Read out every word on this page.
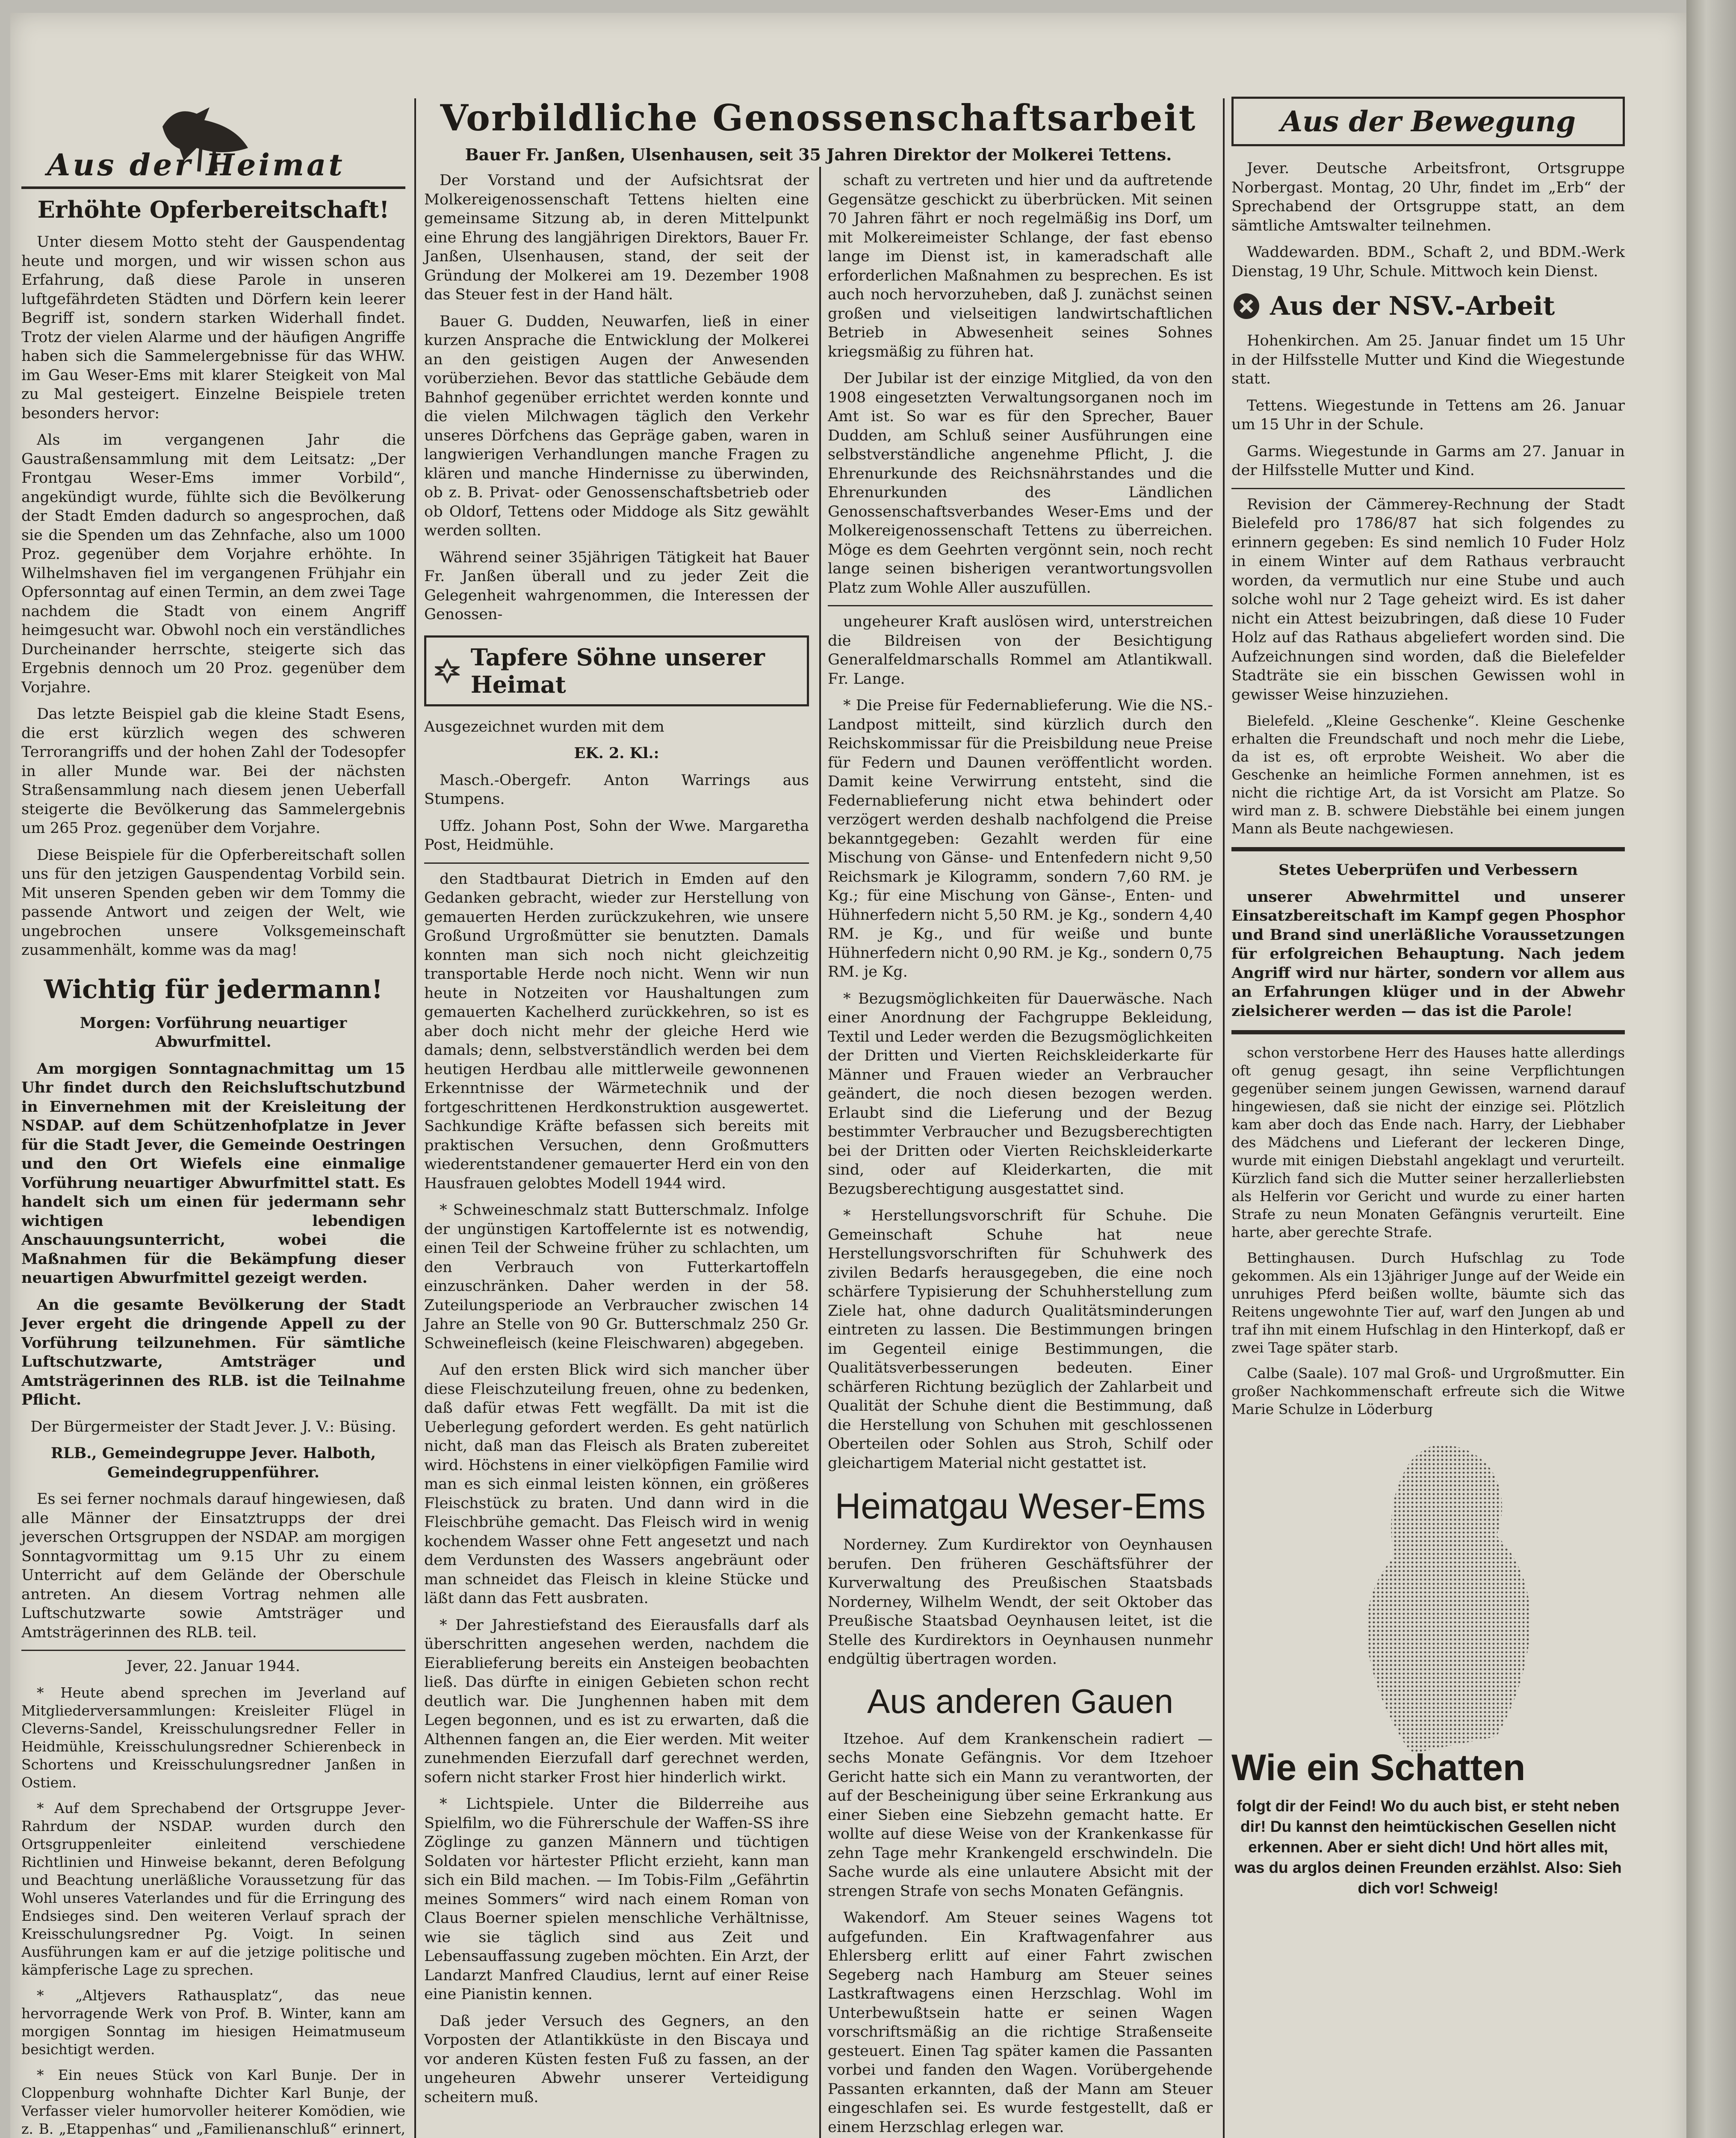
Aus der Heimat
Erhöhte Opferbereitschaft!

Unter diesem Motto steht der Gauspendentag heute und morgen, und wir wissen schon aus Erfahrung, daß diese Parole in unseren luftgefährdeten Städten und Dörfern kein leerer Begriff ist, sondern starken Widerhall findet. Trotz der vielen Alarme und der häufigen Angriffe haben sich die Sammelergebnisse für das WHW. im Gau Weser-Ems mit klarer Steigkeit von Mal zu Mal gesteigert. Einzelne Beispiele treten besonders hervor:

Als im vergangenen Jahr die Gaustraßensammlung mit dem Leitsatz: „Der Frontgau Weser-Ems immer Vorbild“, angekündigt wurde, fühlte sich die Bevölkerung der Stadt Emden dadurch so angesprochen, daß sie die Spenden um das Zehnfache, also um 1000 Proz. gegenüber dem Vorjahre erhöhte. In Wilhelmshaven fiel im vergangenen Frühjahr ein Opfersonntag auf einen Termin, an dem zwei Tage nachdem die Stadt von einem Angriff heimgesucht war. Obwohl noch ein verständliches Durcheinander herrschte, steigerte sich das Ergebnis dennoch um 20 Proz. gegenüber dem Vorjahre.

Das letzte Beispiel gab die kleine Stadt Esens, die erst kürzlich wegen des schweren Terrorangriffs und der hohen Zahl der Todesopfer in aller Munde war. Bei der nächsten Straßensammlung nach diesem jenen Ueberfall steigerte die Bevölkerung das Sammelergebnis um 265 Proz. gegenüber dem Vorjahre.

Diese Beispiele für die Opferbereitschaft sollen uns für den jetzigen Gauspendentag Vorbild sein. Mit unseren Spenden geben wir dem Tommy die passende Antwort und zeigen der Welt, wie ungebrochen unsere Volksgemeinschaft zusammenhält, komme was da mag!

Wichtig für jedermann!

Morgen: Vorführung neuartiger Abwurfmittel.

Am morgigen Sonntagnachmittag um 15 Uhr findet durch den Reichsluftschutzbund in Einvernehmen mit der Kreisleitung der NSDAP. auf dem Schützenhofplatze in Jever für die Stadt Jever, die Gemeinde Oestringen und den Ort Wiefels eine einmalige Vorführung neuartiger Abwurfmittel statt. Es handelt sich um einen für jedermann sehr wichtigen lebendigen Anschauungsunterricht, wobei die Maßnahmen für die Bekämpfung dieser neuartigen Abwurfmittel gezeigt werden.

An die gesamte Bevölkerung der Stadt Jever ergeht die dringende Appell zu der Vorführung teilzunehmen. Für sämtliche Luftschutzwarte, Amtsträger und Amtsträgerinnen des RLB. ist die Teilnahme Pflicht.

Der Bürgermeister der Stadt Jever. J. V.: Büsing.

RLB., Gemeindegruppe Jever. Halboth, Gemeindegruppenführer.

Es sei ferner nochmals darauf hingewiesen, daß alle Männer der Einsatztrupps der drei jeverschen Ortsgruppen der NSDAP. am morgigen Sonntagvormittag um 9.15 Uhr zu einem Unterricht auf dem Gelände der Oberschule antreten. An diesem Vortrag nehmen alle Luftschutzwarte sowie Amtsträger und Amtsträgerinnen des RLB. teil.

Jever, 22. Januar 1944.

* Heute abend sprechen im Jeverland auf Mitgliederversammlungen: Kreisleiter Flügel in Cleverns-Sandel, Kreisschulungsredner Feller in Heidmühle, Kreisschulungsredner Schierenbeck in Schortens und Kreisschulungsredner Janßen in Ostiem.

* Auf dem Sprechabend der Ortsgruppe Jever-Rahrdum der NSDAP. wurden durch den Ortsgruppenleiter einleitend verschiedene Richtlinien und Hinweise bekannt, deren Befolgung und Beachtung unerläßliche Voraussetzung für das Wohl unseres Vaterlandes und für die Erringung des Endsieges sind. Den weiteren Verlauf sprach der Kreisschulungsredner Pg. Voigt. In seinen Ausführungen kam er auf die jetzige politische und kämpferische Lage zu sprechen.

* „Altjevers Rathausplatz“, das neue hervorragende Werk von Prof. B. Winter, kann am morgigen Sonntag im hiesigen Heimatmuseum besichtigt werden.

* Ein neues Stück von Karl Bunje. Der in Cloppenburg wohnhafte Dichter Karl Bunje, der Verfasser vieler humorvoller heiterer Komödien, wie z. B. „Etappenhas“ und „Familienanschluß“ erinnert,

Vorbildliche Genossenschaftsarbeit
Bauer Fr. Janßen, Ulsenhausen, seit 35 Jahren Direktor der Molkerei Tettens.

Der Vorstand und der Aufsichtsrat der Molkereigenossenschaft Tettens hielten eine gemeinsame Sitzung ab, in deren Mittelpunkt eine Ehrung des langjährigen Direktors, Bauer Fr. Janßen, Ulsenhausen, stand, der seit der Gründung der Molkerei am 19. Dezember 1908 das Steuer fest in der Hand hält.

Bauer G. Dudden, Neuwarfen, ließ in einer kurzen Ansprache die Entwicklung der Molkerei an den geistigen Augen der Anwesenden vorüberziehen. Bevor das stattliche Gebäude dem Bahnhof gegenüber errichtet werden konnte und die vielen Milchwagen täglich den Verkehr unseres Dörfchens das Gepräge gaben, waren in langwierigen Verhandlungen manche Fragen zu klären und manche Hindernisse zu überwinden, ob z. B. Privat- oder Genossenschaftsbetrieb oder ob Oldorf, Tettens oder Middoge als Sitz gewählt werden sollten.

Während seiner 35jährigen Tätigkeit hat Bauer Fr. Janßen überall und zu jeder Zeit die Gelegenheit wahrgenommen, die Interessen der Genossen-

Tapfere Söhne unserer Heimat

Ausgezeichnet wurden mit dem

EK. 2. Kl.:

Masch.-Obergefr. Anton Warrings aus Stumpens.

Uffz. Johann Post, Sohn der Wwe. Margaretha Post, Heidmühle.

den Stadtbaurat Dietrich in Emden auf den Gedanken gebracht, wieder zur Herstellung von gemauerten Herden zurückzukehren, wie unsere Großund Urgroßmütter sie benutzten. Damals konnten man sich noch nicht gleichzeitig transportable Herde noch nicht. Wenn wir nun heute in Notzeiten vor Haushaltungen zum gemauerten Kachelherd zurückkehren, so ist es aber doch nicht mehr der gleiche Herd wie damals; denn, selbstverständlich werden bei dem heutigen Herdbau alle mittlerweile gewonnenen Erkenntnisse der Wärmetechnik und der fortgeschrittenen Herdkonstruktion ausgewertet. Sachkundige Kräfte befassen sich bereits mit praktischen Versuchen, denn Großmutters wiederentstandener gemauerter Herd ein von den Hausfrauen gelobtes Modell 1944 wird.

* Schweineschmalz statt Butterschmalz. Infolge der ungünstigen Kartoffelernte ist es notwendig, einen Teil der Schweine früher zu schlachten, um den Verbrauch von Futterkartoffeln einzuschränken. Daher werden in der 58. Zuteilungsperiode an Verbraucher zwischen 14 Jahre an Stelle von 90 Gr. Butterschmalz 250 Gr. Schweinefleisch (keine Fleischwaren) abgegeben.

Auf den ersten Blick wird sich mancher über diese Fleischzuteilung freuen, ohne zu bedenken, daß dafür etwas Fett wegfällt. Da mit ist die Ueberlegung gefordert werden. Es geht natürlich nicht, daß man das Fleisch als Braten zubereitet wird. Höchstens in einer vielköpfigen Familie wird man es sich einmal leisten können, ein größeres Fleischstück zu braten. Und dann wird in die Fleischbrühe gemacht. Das Fleisch wird in wenig kochendem Wasser ohne Fett angesetzt und nach dem Verdunsten des Wassers angebräunt oder man schneidet das Fleisch in kleine Stücke und läßt dann das Fett ausbraten.

* Der Jahrestiefstand des Eierausfalls darf als überschritten angesehen werden, nachdem die Eierablieferung bereits ein Ansteigen beobachten ließ. Das dürfte in einigen Gebieten schon recht deutlich war. Die Junghennen haben mit dem Legen begonnen, und es ist zu erwarten, daß die Althennen fangen an, die Eier werden. Mit weiter zunehmenden Eierzufall darf gerechnet werden, sofern nicht starker Frost hier hinderlich wirkt.

* Lichtspiele. Unter die Bilderreihe aus Spielfilm, wo die Führerschule der Waffen-SS ihre Zöglinge zu ganzen Männern und tüchtigen Soldaten vor härtester Pflicht erzieht, kann man sich ein Bild machen. — Im Tobis-Film „Gefährtin meines Sommers“ wird nach einem Roman von Claus Boerner spielen menschliche Verhältnisse, wie sie täglich sind aus Zeit und Lebensauffassung zugeben möchten. Ein Arzt, der Landarzt Manfred Claudius, lernt auf einer Reise eine Pianistin kennen.

Daß jeder Versuch des Gegners, an den Vorposten der Atlantikküste in den Biscaya und vor anderen Küsten festen Fuß zu fassen, an der ungeheuren Abwehr unserer Verteidigung scheitern muß.

schaft zu vertreten und hier und da auftretende Gegensätze geschickt zu überbrücken. Mit seinen 70 Jahren fährt er noch regelmäßig ins Dorf, um mit Molkereimeister Schlange, der fast ebenso lange im Dienst ist, in kameradschaft alle erforderlichen Maßnahmen zu besprechen. Es ist auch noch hervorzuheben, daß J. zunächst seinen großen und vielseitigen landwirtschaftlichen Betrieb in Abwesenheit seines Sohnes kriegsmäßig zu führen hat.

Der Jubilar ist der einzige Mitglied, da von den 1908 eingesetzten Verwaltungsorganen noch im Amt ist. So war es für den Sprecher, Bauer Dudden, am Schluß seiner Ausführungen eine selbstverständliche angenehme Pflicht, J. die Ehrenurkunde des Reichsnährstandes und die Ehrenurkunden des Ländlichen Genossenschaftsverbandes Weser-Ems und der Molkereigenossenschaft Tettens zu überreichen. Möge es dem Geehrten vergönnt sein, noch recht lange seinen bisherigen verantwortungsvollen Platz zum Wohle Aller auszufüllen.

ungeheurer Kraft auslösen wird, unterstreichen die Bildreisen von der Besichtigung Generalfeldmarschalls Rommel am Atlantikwall. Fr. Lange.

* Die Preise für Federnablieferung. Wie die NS.-Landpost mitteilt, sind kürzlich durch den Reichskommissar für die Preisbildung neue Preise für Federn und Daunen veröffentlicht worden. Damit keine Verwirrung entsteht, sind die Federnablieferung nicht etwa behindert oder verzögert werden deshalb nachfolgend die Preise bekanntgegeben: Gezahlt werden für eine Mischung von Gänse- und Entenfedern nicht 9,50 Reichsmark je Kilogramm, sondern 7,60 RM. je Kg.; für eine Mischung von Gänse-, Enten- und Hühnerfedern nicht 5,50 RM. je Kg., sondern 4,40 RM. je Kg., und für weiße und bunte Hühnerfedern nicht 0,90 RM. je Kg., sondern 0,75 RM. je Kg.

* Bezugsmöglichkeiten für Dauerwäsche. Nach einer Anordnung der Fachgruppe Bekleidung, Textil und Leder werden die Bezugsmöglichkeiten der Dritten und Vierten Reichskleiderkarte für Männer und Frauen wieder an Verbraucher geändert, die noch diesen bezogen werden. Erlaubt sind die Lieferung und der Bezug bestimmter Verbraucher und Bezugsberechtigten bei der Dritten oder Vierten Reichskleiderkarte sind, oder auf Kleiderkarten, die mit Bezugsberechtigung ausgestattet sind.

* Herstellungsvorschrift für Schuhe. Die Gemeinschaft Schuhe hat neue Herstellungsvorschriften für Schuhwerk des zivilen Bedarfs herausgegeben, die eine noch schärfere Typisierung der Schuhherstellung zum Ziele hat, ohne dadurch Qualitätsminderungen eintreten zu lassen. Die Bestimmungen bringen im Gegenteil einige Bestimmungen, die Qualitätsverbesserungen bedeuten. Einer schärferen Richtung bezüglich der Zahlarbeit und Qualität der Schuhe dient die Bestimmung, daß die Herstellung von Schuhen mit geschlossenen Oberteilen oder Sohlen aus Stroh, Schilf oder gleichartigem Material nicht gestattet ist.

Heimatgau Weser-Ems

Norderney. Zum Kurdirektor von Oeynhausen berufen. Den früheren Geschäftsführer der Kurverwaltung des Preußischen Staatsbads Norderney, Wilhelm Wendt, der seit Oktober das Preußische Staatsbad Oeynhausen leitet, ist die Stelle des Kurdirektors in Oeynhausen nunmehr endgültig übertragen worden.

Aus anderen Gauen

Itzehoe. Auf dem Krankenschein radiert — sechs Monate Gefängnis. Vor dem Itzehoer Gericht hatte sich ein Mann zu verantworten, der auf der Bescheinigung über seine Erkrankung aus einer Sieben eine Siebzehn gemacht hatte. Er wollte auf diese Weise von der Krankenkasse für zehn Tage mehr Krankengeld erschwindeln. Die Sache wurde als eine unlautere Absicht mit der strengen Strafe von sechs Monaten Gefängnis.

Wakendorf. Am Steuer seines Wagens tot aufgefunden. Ein Kraftwagenfahrer aus Ehlersberg erlitt auf einer Fahrt zwischen Segeberg nach Hamburg am Steuer seines Lastkraftwagens einen Herzschlag. Wohl im Unterbewußtsein hatte er seinen Wagen vorschriftsmäßig an die richtige Straßenseite gesteuert. Einen Tag später kamen die Passanten vorbei und fanden den Wagen. Vorübergehende Passanten erkannten, daß der Mann am Steuer eingeschlafen sei. Es wurde festgestellt, daß er einem Herzschlag erlegen war.

Aus der Bewegung

Jever. Deutsche Arbeitsfront, Ortsgruppe Norbergast. Montag, 20 Uhr, findet im „Erb“ der Sprechabend der Ortsgruppe statt, an dem sämtliche Amtswalter teilnehmen.

Waddewarden. BDM., Schaft 2, und BDM.-Werk Dienstag, 19 Uhr, Schule. Mittwoch kein Dienst.

Aus der NSV.-Arbeit

Hohenkirchen. Am 25. Januar findet um 15 Uhr in der Hilfsstelle Mutter und Kind die Wiegestunde statt.

Tettens. Wiegestunde in Tettens am 26. Januar um 15 Uhr in der Schule.

Garms. Wiegestunde in Garms am 27. Januar in der Hilfsstelle Mutter und Kind.

Revision der Cämmerey-Rechnung der Stadt Bielefeld pro 1786/87 hat sich folgendes zu erinnern gegeben: Es sind nemlich 10 Fuder Holz in einem Winter auf dem Rathaus verbraucht worden, da vermutlich nur eine Stube und auch solche wohl nur 2 Tage geheizt wird. Es ist daher nicht ein Attest beizubringen, daß diese 10 Fuder Holz auf das Rathaus abgeliefert worden sind. Die Aufzeichnungen sind worden, daß die Bielefelder Stadträte sie ein bisschen Gewissen wohl in gewisser Weise hinzuziehen.

Bielefeld. „Kleine Geschenke“. Kleine Geschenke erhalten die Freundschaft und noch mehr die Liebe, da ist es, oft erprobte Weisheit. Wo aber die Geschenke an heimliche Formen annehmen, ist es nicht die richtige Art, da ist Vorsicht am Platze. So wird man z. B. schwere Diebstähle bei einem jungen Mann als Beute nachgewiesen.

Stetes Ueberprüfen und Verbessern

unserer Abwehrmittel und unserer Einsatzbereitschaft im Kampf gegen Phosphor und Brand sind unerläßliche Voraussetzungen für erfolgreichen Behauptung. Nach jedem Angriff wird nur härter, sondern vor allem aus an Erfahrungen klüger und in der Abwehr zielsicherer werden — das ist die Parole!

schon verstorbene Herr des Hauses hatte allerdings oft genug gesagt, ihn seine Verpflichtungen gegenüber seinem jungen Gewissen, warnend darauf hingewiesen, daß sie nicht der einzige sei. Plötzlich kam aber doch das Ende nach. Harry, der Liebhaber des Mädchens und Lieferant der leckeren Dinge, wurde mit einigen Diebstahl angeklagt und verurteilt. Kürzlich fand sich die Mutter seiner herzallerliebsten als Helferin vor Gericht und wurde zu einer harten Strafe zu neun Monaten Gefängnis verurteilt. Eine harte, aber gerechte Strafe.

Bettinghausen. Durch Hufschlag zu Tode gekommen. Als ein 13jähriger Junge auf der Weide ein unruhiges Pferd beißen wollte, bäumte sich das Reitens ungewohnte Tier auf, warf den Jungen ab und traf ihn mit einem Hufschlag in den Hinterkopf, daß er zwei Tage später starb.

Calbe (Saale). 107 mal Groß- und Urgroßmutter. Ein großer Nachkommenschaft erfreute sich die Witwe Marie Schulze in Löderburg

Wie ein Schatten

folgt dir der Feind! Wo du auch bist, er steht neben dir! Du kannst den heimtückischen Gesellen nicht erkennen. Aber er sieht dich! Und hört alles mit, was du arglos deinen Freunden erzählst. Also: Sieh dich vor! Schweig!
